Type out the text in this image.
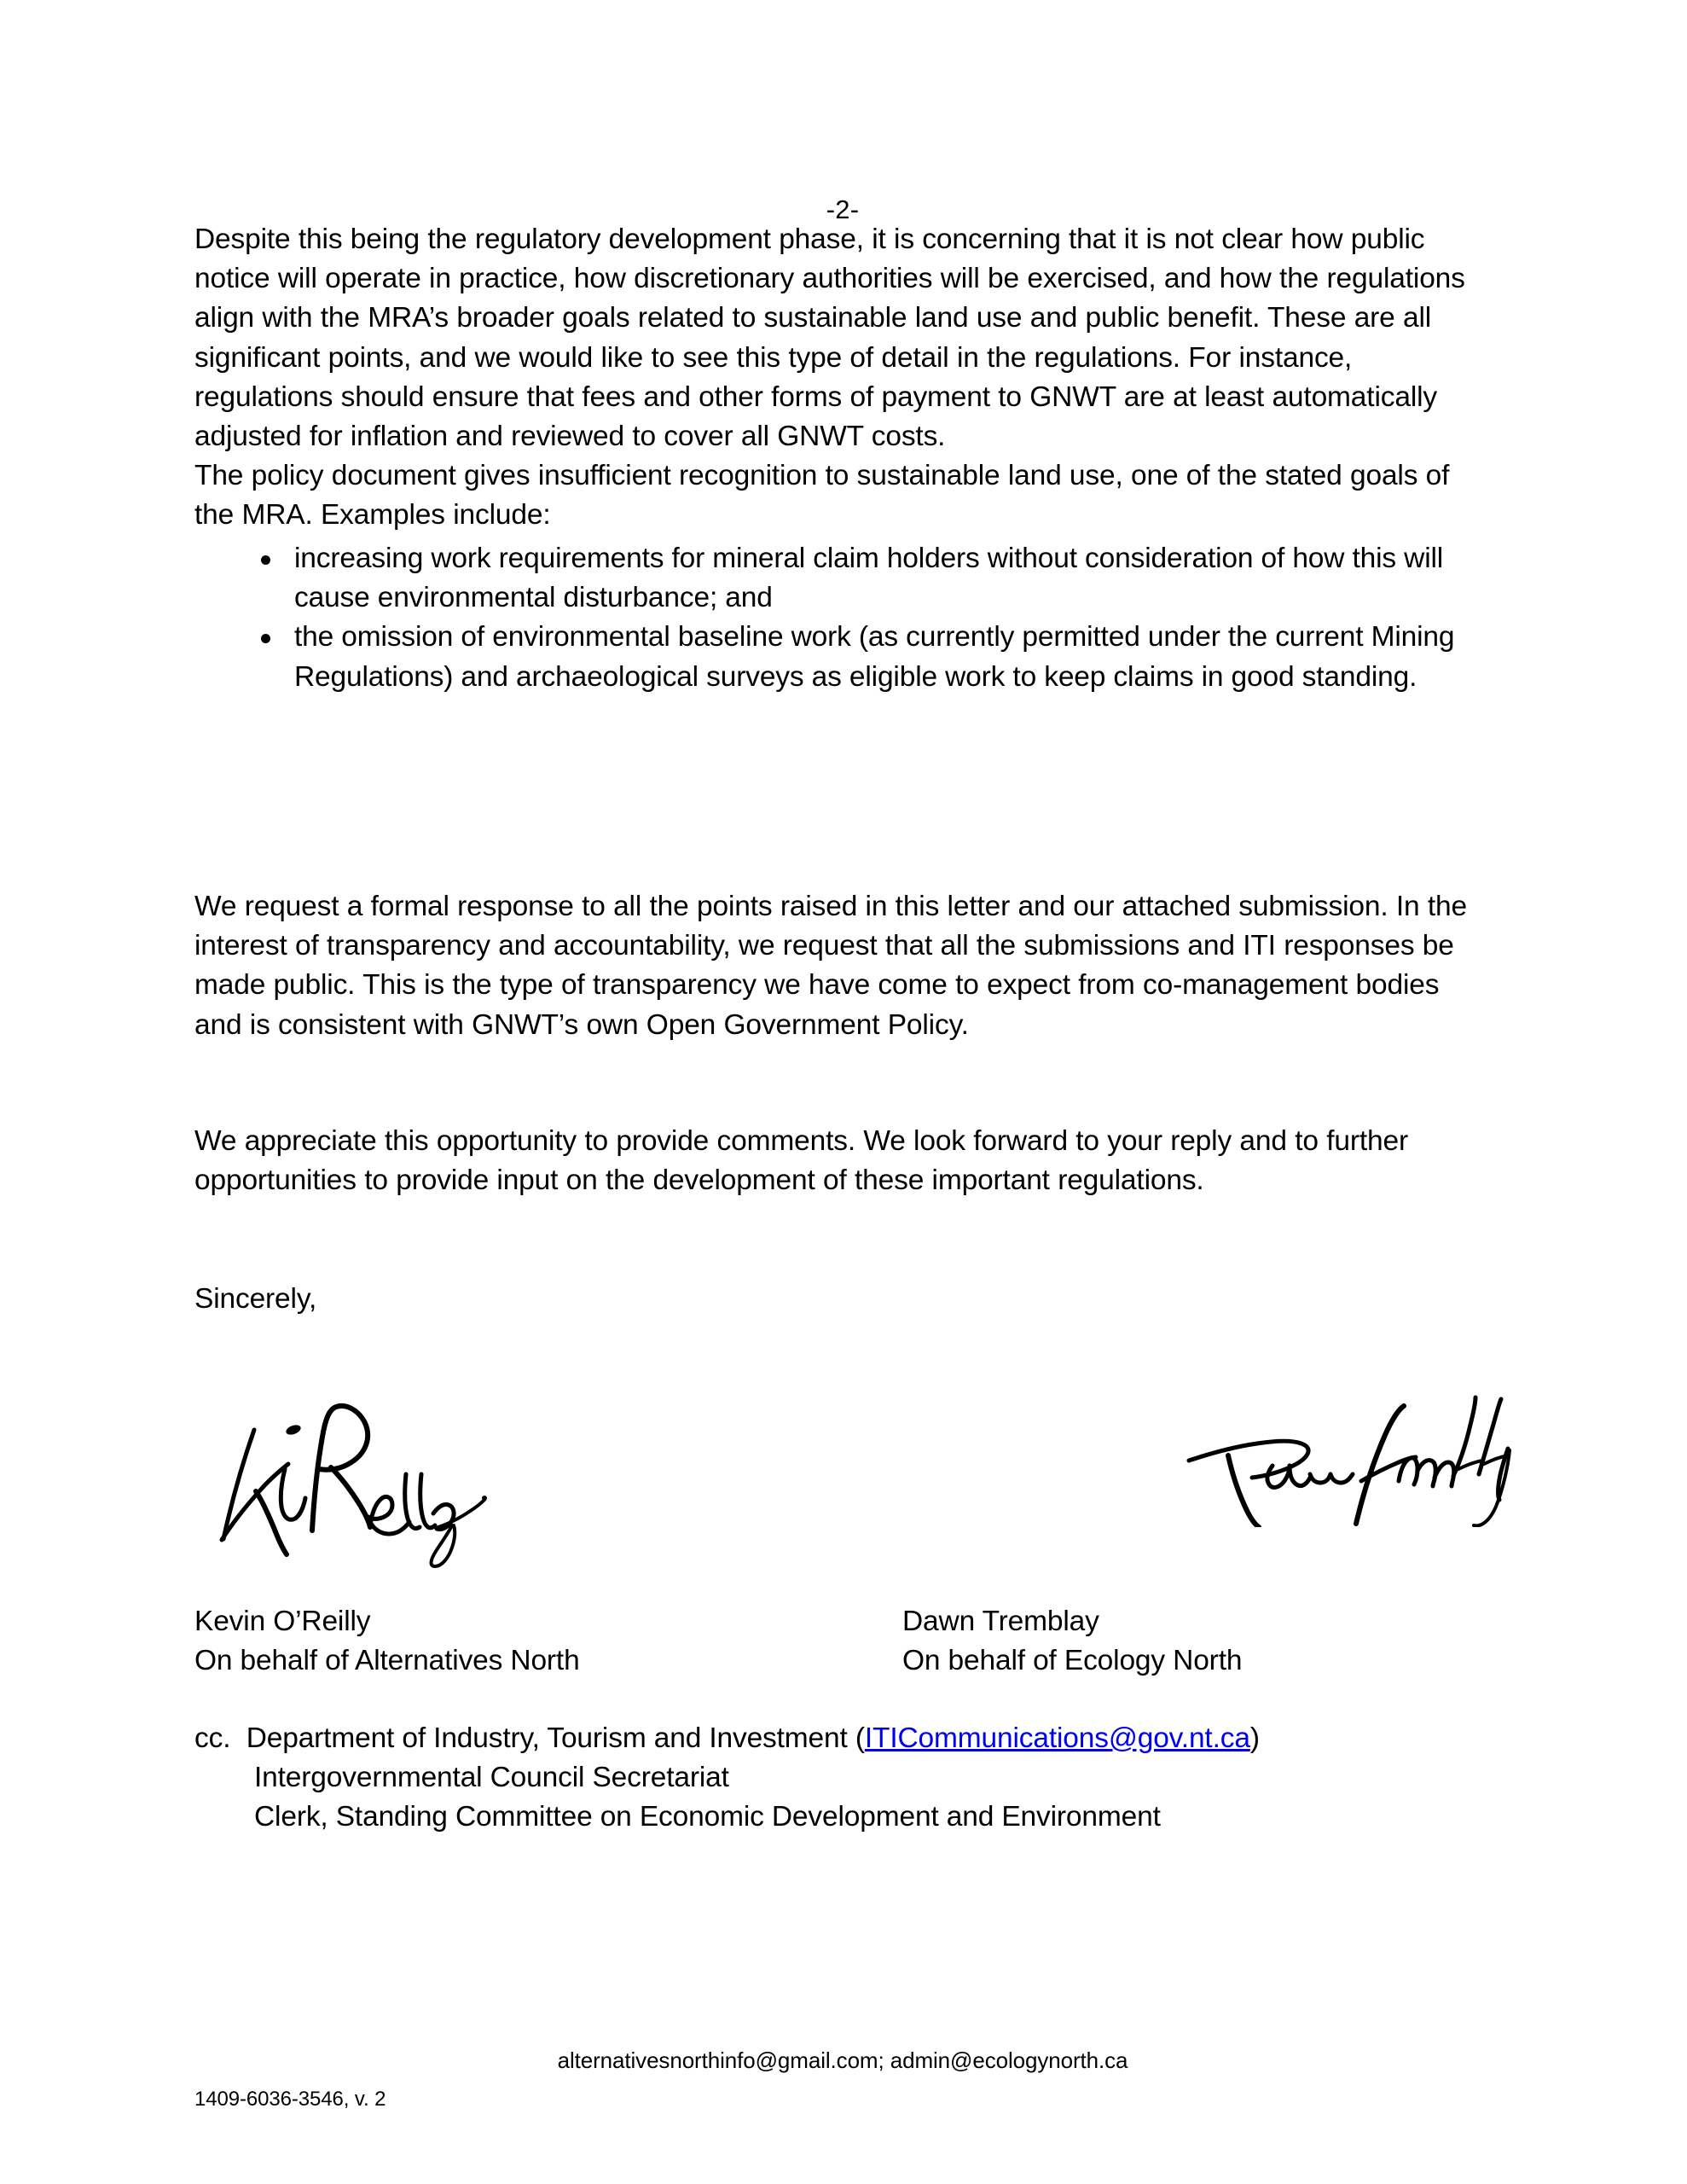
-2-
Despite this being the regulatory development phase, it is concerning that it is not clear how public notice will operate in practice, how discretionary authorities will be exercised, and how the regulations align with the MRA’s broader goals related to sustainable land use and public benefit. These are all significant points, and we would like to see this type of detail in the regulations. For instance, regulations should ensure that fees and other forms of payment to GNWT are at least automatically adjusted for inflation and reviewed to cover all GNWT costs.
The policy document gives insufficient recognition to sustainable land use, one of the stated goals of the MRA. Examples include:
increasing work requirements for mineral claim holders without consideration of how this will cause environmental disturbance; and
the omission of environmental baseline work (as currently permitted under the current Mining Regulations) and archaeological surveys as eligible work to keep claims in good standing.
We request a formal response to all the points raised in this letter and our attached submission. In the interest of transparency and accountability, we request that all the submissions and ITI responses be made public. This is the type of transparency we have come to expect from co-management bodies and is consistent with GNWT’s own Open Government Policy.
We appreciate this opportunity to provide comments. We look forward to your reply and to further opportunities to provide input on the development of these important regulations.
Sincerely,
Kevin O’Reilly
On behalf of Alternatives North
Dawn Tremblay
On behalf of Ecology North
cc. Department of Industry, Tourism and Investment (ITICommunications@gov.nt.ca)
Intergovernmental Council Secretariat
Clerk, Standing Committee on Economic Development and Environment
alternativesnorthinfo@gmail.com; admin@ecologynorth.ca
1409-6036-3546, v. 2
